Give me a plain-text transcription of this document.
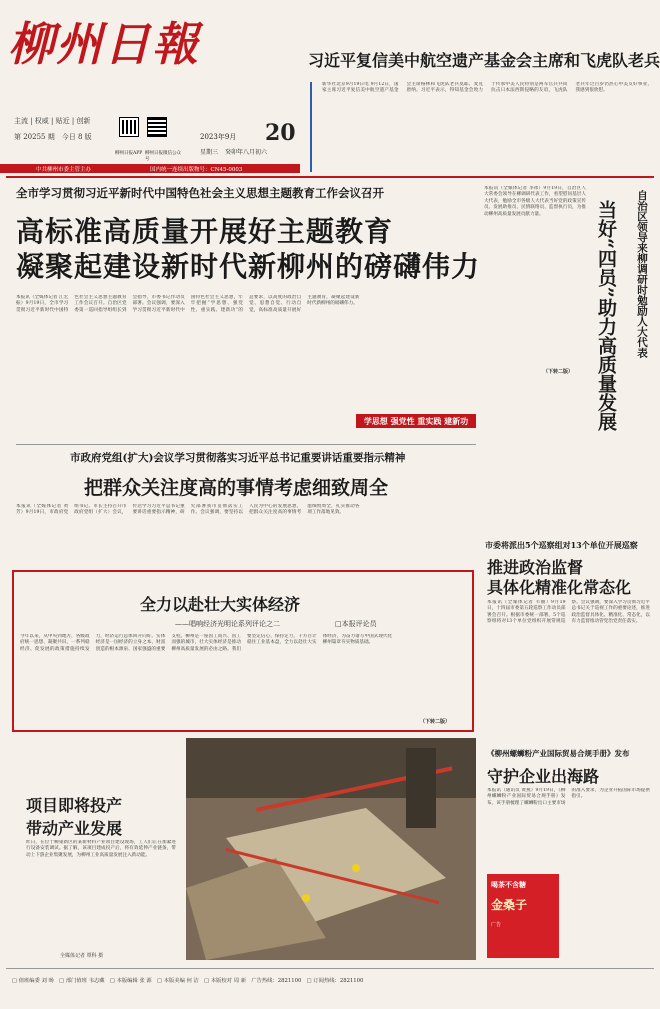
柳州日報
主流 | 权威 | 贴近 | 创新
第 20255 期　今日 8 版
柳州日报APP 柳州日报微信公众号
2023年9月 20
星期三 癸卯年八月初六
中共柳州市委主管主办	国内统一连续出版物号：CN45-0003
习近平复信美中航空遗产基金会主席和飞虎队老兵
新华社北京9月19日电 9月12日，国家主席习近平复信美中航空遗产基金会主席格林和飞虎队老兵莫耶、麦克唐纳。习近平表示，得知基金会致力于传承中美人民特别是两军官兵共同抗击日本法西斯侵略的友谊，飞虎队老兵年过百岁仍热心中美友好事业，我感到很欣慰。
全市学习贯彻习近平新时代中国特色社会主义思想主题教育工作会议召开
高标准高质量开展好主题教育
凝聚起建设新时代新柳州的磅礴伟力
本报讯（全媒体记者 江宏振）9月19日，全市学习贯彻习近平新时代中国特色社会主义思想主题教育工作会议召开。自治区党委第一巡回指导组组长到会指导，市委书记作动员部署。会议强调，要深入学习贯彻习近平新时代中国特色社会主义思想，牢牢把握“学思想、强党性、重实践、建新功”的总要求，以高度的政治自觉、思想自觉、行动自觉，高标准高质量开展好主题教育，凝聚起建设新时代新柳州的磅礴伟力。
学思想 强党性 重实践 建新功
本报讯（全媒体记者 李冰）9月19日，自治区人大常委会领导在柳调研代表工作，看望慰问基层人大代表，勉励全市各级人大代表当好党的政策宣传员、发展助推员、民情联络员、监督执行员，为推动柳州高质量发展贡献力量。	自治区领导来柳调研时勉励人大代表
当好“四员”助力高质量发展
（下转二版）
市政府党组(扩大)会议学习贯彻落实习近平总书记重要讲话重要指示精神
把群众关注度高的事情考虑细致周全
本报讯（全媒体记者 黄芳）9月19日，市政府党组书记、市长主持召开市政府党组（扩大）会议，传达学习习近平总书记重要讲话重要指示精神，研究部署我市贯彻落实工作。会议强调，要坚持以人民为中心的发展思想，把群众关注度高的事情考虑细致周全，扎实推动各项工作落地见效。
全力以赴壮大实体经济
——唱响经济光明论系列评论之二	□本报评论员
今年以来，从中央到地方，各级政府统一思想、凝聚共识，一系列稳经济、促发展的政策措施持续发力，经济运行总体回升向好。实体经济是一国经济的立身之本、财富创造的根本源泉、国家强盛的重要支柱。柳州是一座因工而兴、因工而强的城市，壮大实体经济是推动柳州高质量发展的必由之路。我们要坚定信心、保持定力，千方百计稳住工业基本盘，全力以赴壮大实体经济，为奋力谱写中国式现代化柳州篇章夯实物质基础。
（下转二版）
市委将派出5个巡察组对13个单位开展巡察
推进政治监督
具体化精准化常态化
本报讯（全媒体记者 韦丽）9月19日，十四届市委第五轮巡察工作动员部署会召开。根据市委统一部署，5个巡察组将对13个单位党组织开展常规巡察。会议强调，要深入学习贯彻习近平总书记关于巡视工作的重要论述，推进政治监督具体化、精准化、常态化，以有力监督推动管党治党责任落实。
项目即将投产
带动产业发展
昨日，在位于柳東新区的某新材料产业项目建设现场，工人们正在加紧进行设备安装调试。据了解，该项目建成投产后，将有效延伸产业链条，带动上下游企业集聚发展，为柳州工业高质量发展注入新动能。
全媒体记者 覃科 摄
《柳州螺蛳粉产业国际贸易合规手册》发布
守护企业出海路
本报讯（通讯员 黄燕）9月19日，《柳州螺蛳粉产业国际贸易合规手册》发布。该手册梳理了螺蛳粉出口主要市场的准入要求，为企业开拓国际市场提供指引。
喝茶不含糖
金桑子
广告
□ 值班编委 刘 旸　□ 部门值班 韦志藏　□ 本版编辑 张 源　□ 本版美编 何 洁　□ 本版校对 周 新　广告热线：2821100　□ 订阅热线：2821100
